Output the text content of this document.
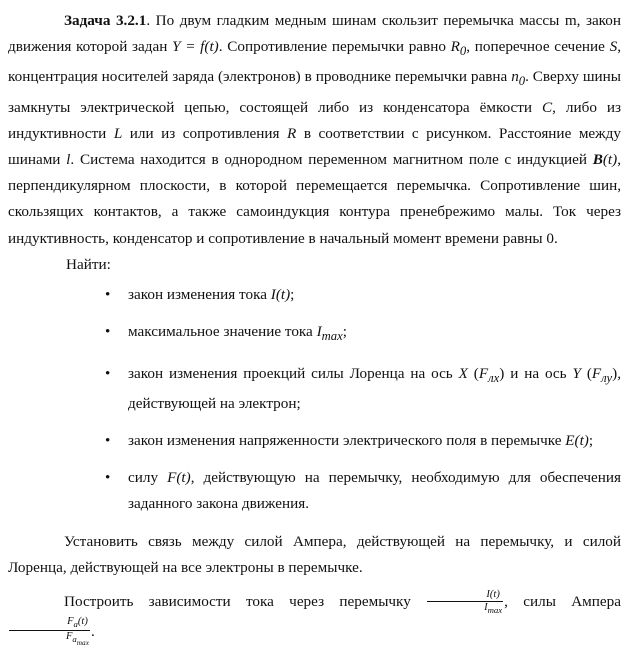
Задача 3.2.1. По двум гладким медным шинам скользит перемычка массы m, закон движения которой задан Y = f(t). Сопротивление перемычки равно $R_0$, поперечное сечение S, концентрация носителей заряда (электронов) в проводнике перемычки равна $n_0$. Сверху шины замкнуты электрической цепью, состоящей либо из конденсатора ёмкости C, либо из индуктивности L или из сопротивления R в соответствии с рисунком. Расстояние между шинами l. Система находится в однородном переменном магнитном поле с индукцией B(t), перпендикулярном плоскости, в которой перемещается перемычка. Сопротивление шин, скользящих контактов, а также самоиндукция контура пренебрежимо малы. Ток через индуктивность, конденсатор и сопротивление в начальный момент времени равны 0.

Найти:

• закон изменения тока I(t);
• максимальное значение тока $I_{max}$;
• закон изменения проекций силы Лоренца на ось X $(F_{лх})$ и на ось Y $(F_{лу})$, действующей на электрон;
• закон изменения напряженности электрического поля в перемычке E(t);
• силу F(t), действующую на перемычку, необходимую для обеспечения заданного закона движения.

Установить связь между силой Ампера, действующей на перемычку, и силой Лоренца, действующей на все электроны в перемычке.

Построить зависимости тока через перемычку $\frac{I(t)}{I_{max}}$ , силы Ампера
$\frac{F_a(t)}{F_{a_{max}}}$ .
